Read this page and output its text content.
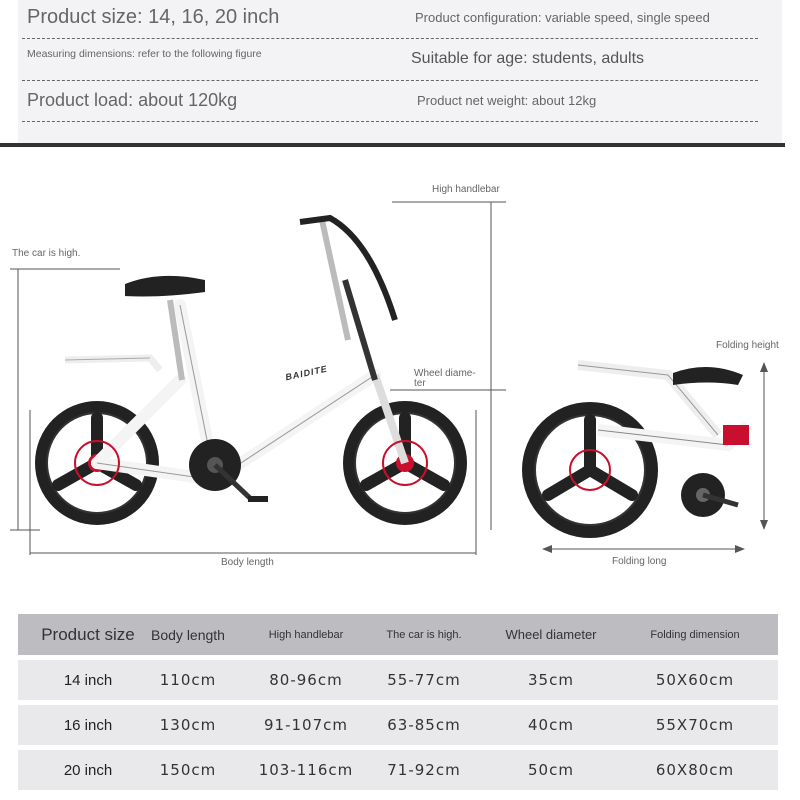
Product size: 14, 16, 20 inch	Product configuration: variable speed, single speed
Measuring dimensions: refer to the following figure	Suitable for age: students, adults
Product load: about 120kg	Product net weight: about 12kg
BAIDITE
The car is high.
High handlebar
Wheel diame-
ter
Body length
Folding height
Folding long
Product size	Body length	High handlebar	The car is high.	Wheel diameter	Folding dimension
14 inch	110cm	80-96cm	55-77cm	35cm	50X60cm
16 inch	130cm	91-107cm	63-85cm	40cm	55X70cm
20 inch	150cm	103-116cm	71-92cm	50cm	60X80cm
